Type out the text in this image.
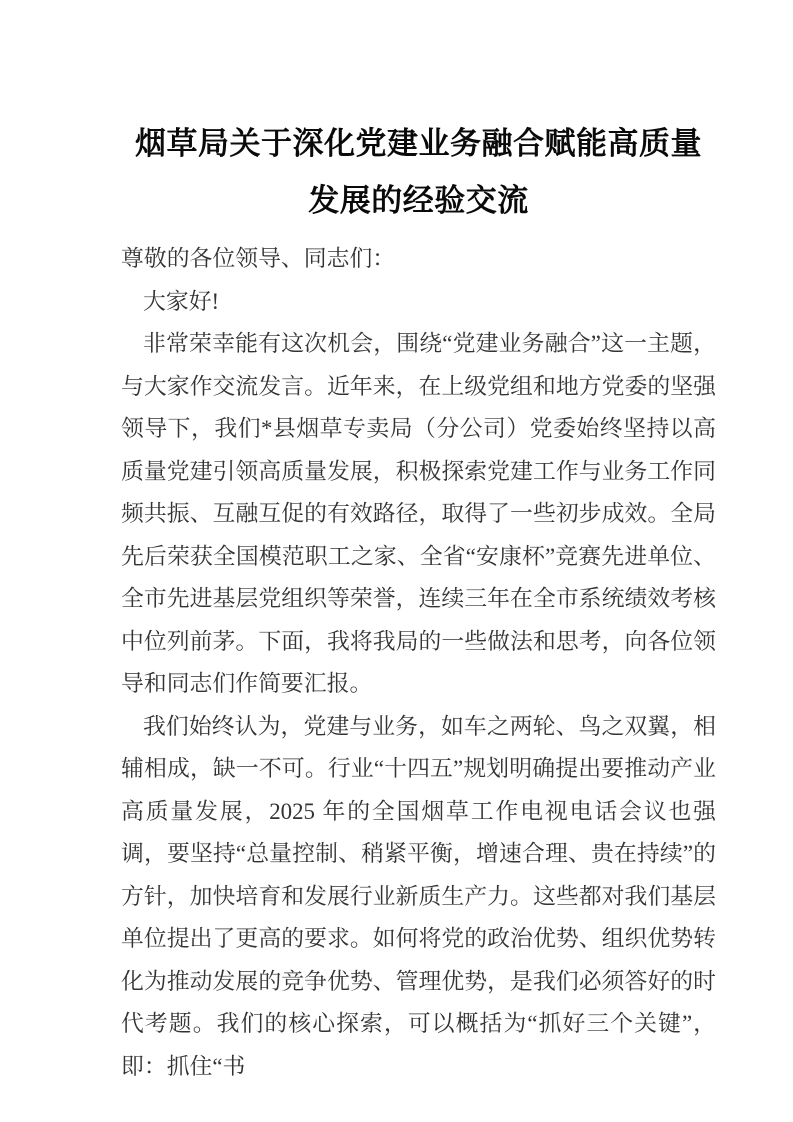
烟草局关于深化党建业务融合赋能高质量
发展的经验交流

尊敬的各位领导、同志们：

大家好!

非常荣幸能有这次机会，围绕“党建业务融合”这一主题，与大家作交流发言。近年来，在上级党组和地方党委的坚强领导下，我们*县烟草专卖局（分公司）党委始终坚持以高质量党建引领高质量发展，积极探索党建工作与业务工作同频共振、互融互促的有效路径，取得了一些初步成效。全局先后荣获全国模范职工之家、全省“安康杯”竞赛先进单位、全市先进基层党组织等荣誉，连续三年在全市系统绩效考核中位列前茅。下面，我将我局的一些做法和思考，向各位领导和同志们作简要汇报。

我们始终认为，党建与业务，如车之两轮、鸟之双翼，相辅相成，缺一不可。行业“十四五”规划明确提出要推动产业高质量发展，2025 年的全国烟草工作电视电话会议也强调，要坚持“总量控制、稍紧平衡，增速合理、贵在持续”的方针，加快培育和发展行业新质生产力。这些都对我们基层单位提出了更高的要求。如何将党的政治优势、组织优势转化为推动发展的竞争优势、管理优势，是我们必须答好的时代考题。我们的核心探索，可以概括为“抓好三个关键”，即：抓住“书
